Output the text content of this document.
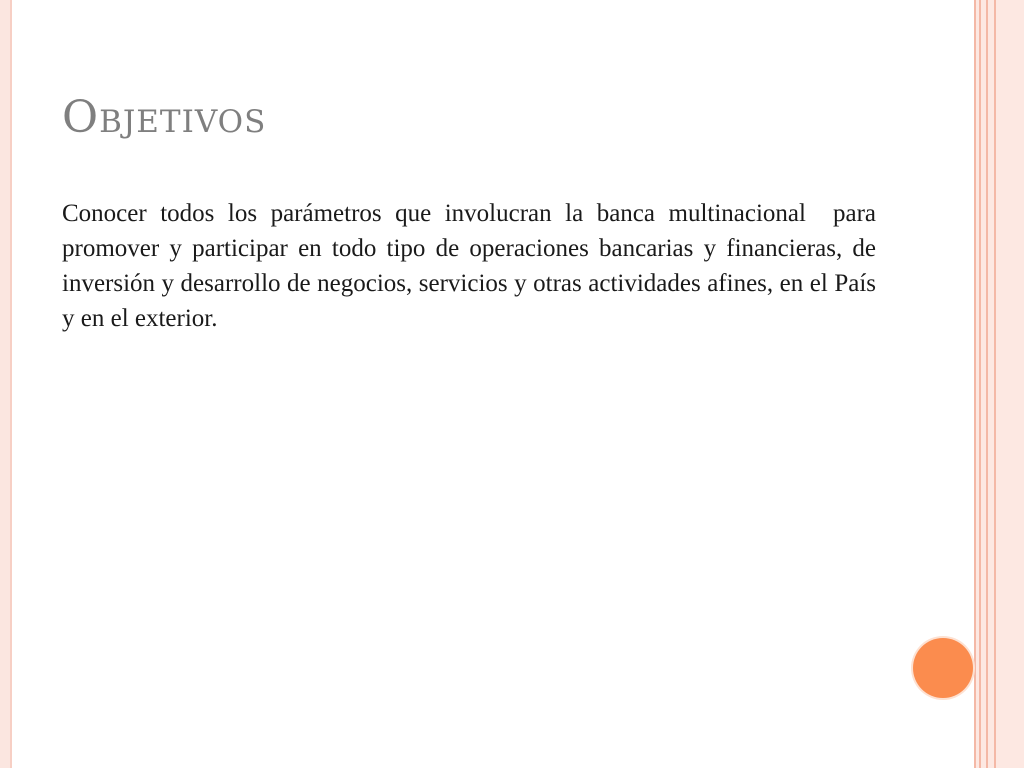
Objetivos

Conocer todos los parámetros que involucran la banca multinacional  para  promover y participar en todo tipo de operaciones bancarias y financieras, de inversión y desarrollo de negocios, servicios y otras actividades afines, en el País y en el exterior.
